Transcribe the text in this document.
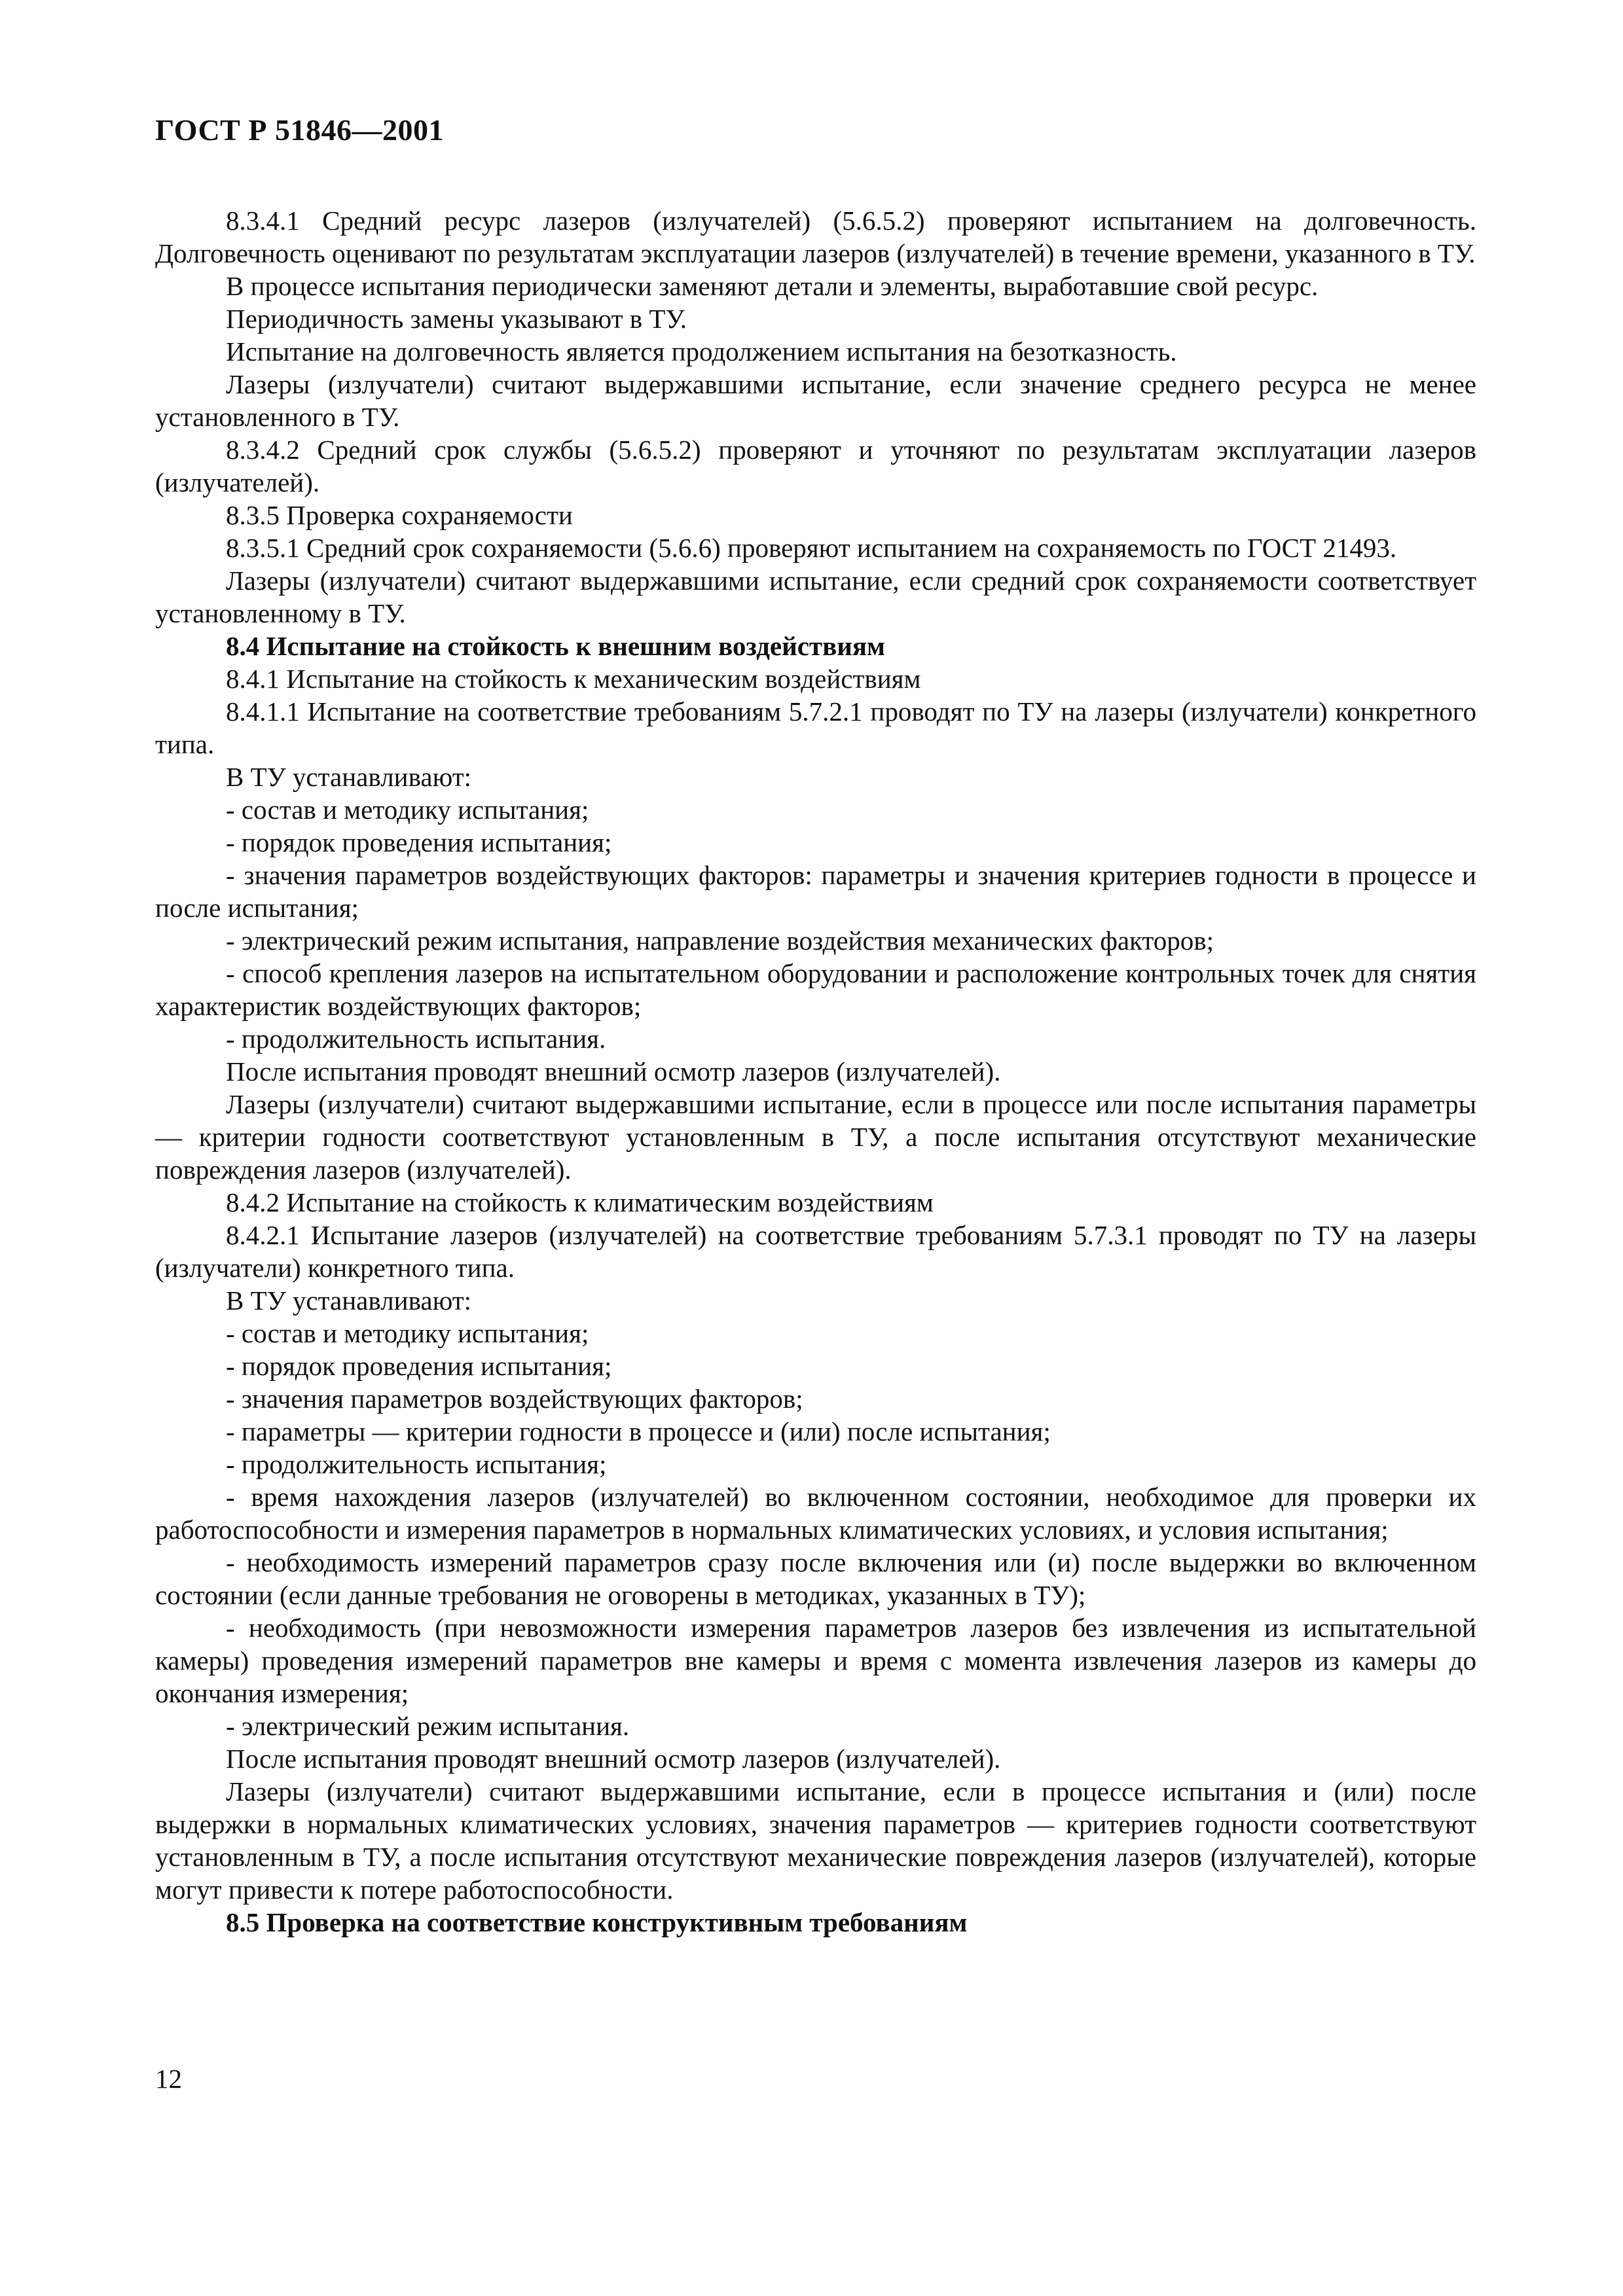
ГОСТ Р 51846—2001

8.3.4.1 Средний ресурс лазеров (излучателей) (5.6.5.2) проверяют испытанием на долговечность. Долговечность оценивают по результатам эксплуатации лазеров (излучателей) в течение времени, указанного в ТУ.

В процессе испытания периодически заменяют детали и элементы, выработавшие свой ресурс.

Периодичность замены указывают в ТУ.

Испытание на долговечность является продолжением испытания на безотказность.

Лазеры (излучатели) считают выдержавшими испытание, если значение среднего ресурса не менее установленного в ТУ.

8.3.4.2 Средний срок службы (5.6.5.2) проверяют и уточняют по результатам эксплуатации лазеров (излучателей).

8.3.5 Проверка сохраняемости

8.3.5.1 Средний срок сохраняемости (5.6.6) проверяют испытанием на сохраняемость по ГОСТ 21493.

Лазеры (излучатели) считают выдержавшими испытание, если средний срок сохраняемости соответствует установленному в ТУ.

8.4 Испытание на стойкость к внешним воздействиям

8.4.1 Испытание на стойкость к механическим воздействиям

8.4.1.1 Испытание на соответствие требованиям 5.7.2.1 проводят по ТУ на лазеры (излучатели) конкретного типа.

В ТУ устанавливают:

- состав и методику испытания;

- порядок проведения испытания;

- значения параметров воздействующих факторов: параметры и значения критериев годности в процессе и после испытания;

- электрический режим испытания, направление воздействия механических факторов;

- способ крепления лазеров на испытательном оборудовании и расположение контрольных точек для снятия характеристик воздействующих факторов;

- продолжительность испытания.

После испытания проводят внешний осмотр лазеров (излучателей).

Лазеры (излучатели) считают выдержавшими испытание, если в процессе или после испытания параметры — критерии годности соответствуют установленным в ТУ, а после испытания отсутствуют механические повреждения лазеров (излучателей).

8.4.2 Испытание на стойкость к климатическим воздействиям

8.4.2.1 Испытание лазеров (излучателей) на соответствие требованиям 5.7.3.1 проводят по ТУ на лазеры (излучатели) конкретного типа.

В ТУ устанавливают:

- состав и методику испытания;

- порядок проведения испытания;

- значения параметров воздействующих факторов;

- параметры — критерии годности в процессе и (или) после испытания;

- продолжительность испытания;

- время нахождения лазеров (излучателей) во включенном состоянии, необходимое для проверки их работоспособности и измерения параметров в нормальных климатических условиях, и условия испытания;

- необходимость измерений параметров сразу после включения или (и) после выдержки во включенном состоянии (если данные требования не оговорены в методиках, указанных в ТУ);

- необходимость (при невозможности измерения параметров лазеров без извлечения из испытательной камеры) проведения измерений параметров вне камеры и время с момента извлечения лазеров из камеры до окончания измерения;

- электрический режим испытания.

После испытания проводят внешний осмотр лазеров (излучателей).

Лазеры (излучатели) считают выдержавшими испытание, если в процессе испытания и (или) после выдержки в нормальных климатических условиях, значения параметров — критериев годности соответствуют установленным в ТУ, а после испытания отсутствуют механические повреждения лазеров (излучателей), которые могут привести к потере работоспособности.

8.5 Проверка на соответствие конструктивным требованиям

12
